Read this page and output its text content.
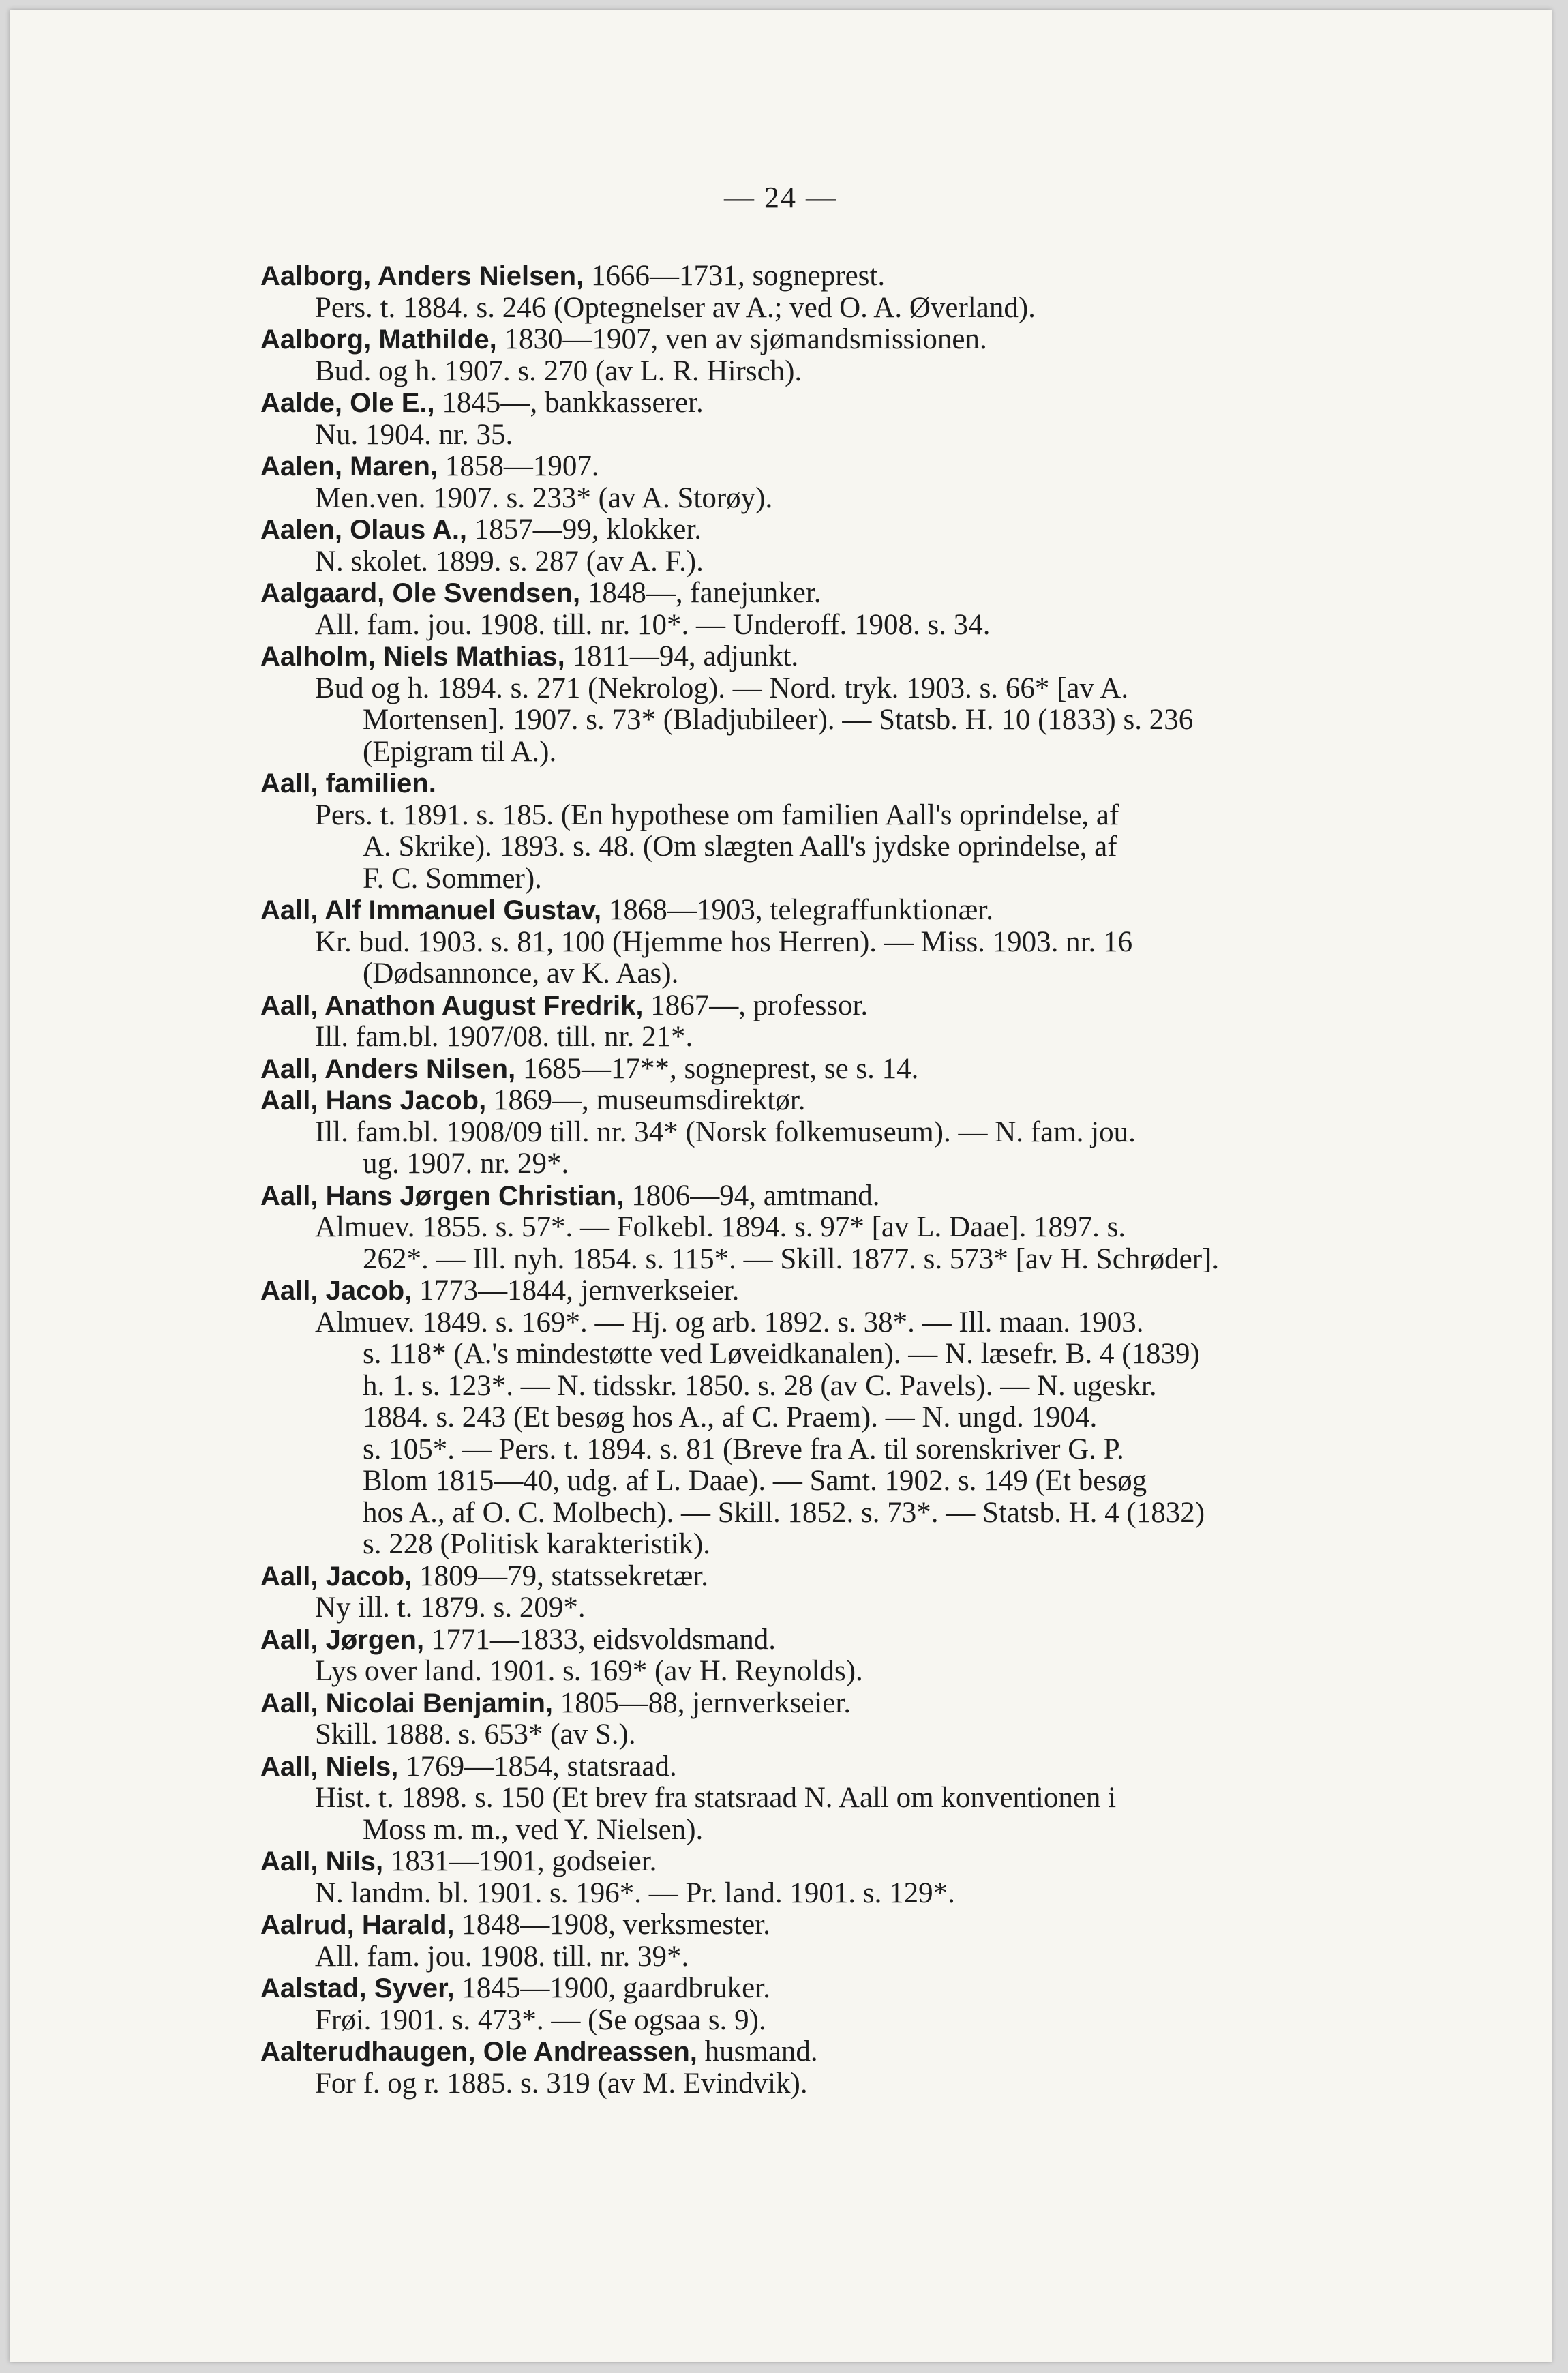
— 24 —
Aalborg, Anders Nielsen, 1666—1731, sogneprest.
Pers. t. 1884. s. 246 (Optegnelser av A.; ved O. A. Øverland).
Aalborg, Mathilde, 1830—1907, ven av sjømandsmissionen.
Bud. og h. 1907. s. 270 (av L. R. Hirsch).
Aalde, Ole E., 1845—, bankkasserer.
Nu. 1904. nr. 35.
Aalen, Maren, 1858—1907.
Men.ven. 1907. s. 233* (av A. Storøy).
Aalen, Olaus A., 1857—99, klokker.
N. skolet. 1899. s. 287 (av A. F.).
Aalgaard, Ole Svendsen, 1848—, fanejunker.
All. fam. jou. 1908. till. nr. 10*. — Underoff. 1908. s. 34.
Aalholm, Niels Mathias, 1811—94, adjunkt.
Bud og h. 1894. s. 271 (Nekrolog). — Nord. tryk. 1903. s. 66* [av A.
Mortensen]. 1907. s. 73* (Bladjubileer). — Statsb. H. 10 (1833) s. 236
(Epigram til A.).
Aall, familien.
Pers. t. 1891. s. 185. (En hypothese om familien Aall's oprindelse, af
A. Skrike). 1893. s. 48. (Om slægten Aall's jydske oprindelse, af
F. C. Sommer).
Aall, Alf Immanuel Gustav, 1868—1903, telegraffunktionær.
Kr. bud. 1903. s. 81, 100 (Hjemme hos Herren). — Miss. 1903. nr. 16
(Dødsannonce, av K. Aas).
Aall, Anathon August Fredrik, 1867—, professor.
Ill. fam.bl. 1907/08. till. nr. 21*.
Aall, Anders Nilsen, 1685—17**, sogneprest, se s. 14.
Aall, Hans Jacob, 1869—, museumsdirektør.
Ill. fam.bl. 1908/09 till. nr. 34* (Norsk folkemuseum). — N. fam. jou.
ug. 1907. nr. 29*.
Aall, Hans Jørgen Christian, 1806—94, amtmand.
Almuev. 1855. s. 57*. — Folkebl. 1894. s. 97* [av L. Daae]. 1897. s.
262*. — Ill. nyh. 1854. s. 115*. — Skill. 1877. s. 573* [av H. Schrøder].
Aall, Jacob, 1773—1844, jernverkseier.
Almuev. 1849. s. 169*. — Hj. og arb. 1892. s. 38*. — Ill. maan. 1903.
s. 118* (A.'s mindestøtte ved Løveidkanalen). — N. læsefr. B. 4 (1839)
h. 1. s. 123*. — N. tidsskr. 1850. s. 28 (av C. Pavels). — N. ugeskr.
1884. s. 243 (Et besøg hos A., af C. Praem). — N. ungd. 1904.
s. 105*. — Pers. t. 1894. s. 81 (Breve fra A. til sorenskriver G. P.
Blom 1815—40, udg. af L. Daae). — Samt. 1902. s. 149 (Et besøg
hos A., af O. C. Molbech). — Skill. 1852. s. 73*. — Statsb. H. 4 (1832)
s. 228 (Politisk karakteristik).
Aall, Jacob, 1809—79, statssekretær.
Ny ill. t. 1879. s. 209*.
Aall, Jørgen, 1771—1833, eidsvoldsmand.
Lys over land. 1901. s. 169* (av H. Reynolds).
Aall, Nicolai Benjamin, 1805—88, jernverkseier.
Skill. 1888. s. 653* (av S.).
Aall, Niels, 1769—1854, statsraad.
Hist. t. 1898. s. 150 (Et brev fra statsraad N. Aall om konventionen i
Moss m. m., ved Y. Nielsen).
Aall, Nils, 1831—1901, godseier.
N. landm. bl. 1901. s. 196*. — Pr. land. 1901. s. 129*.
Aalrud, Harald, 1848—1908, verksmester.
All. fam. jou. 1908. till. nr. 39*.
Aalstad, Syver, 1845—1900, gaardbruker.
Frøi. 1901. s. 473*. — (Se ogsaa s. 9).
Aalterudhaugen, Ole Andreassen, husmand.
For f. og r. 1885. s. 319 (av M. Evindvik).
